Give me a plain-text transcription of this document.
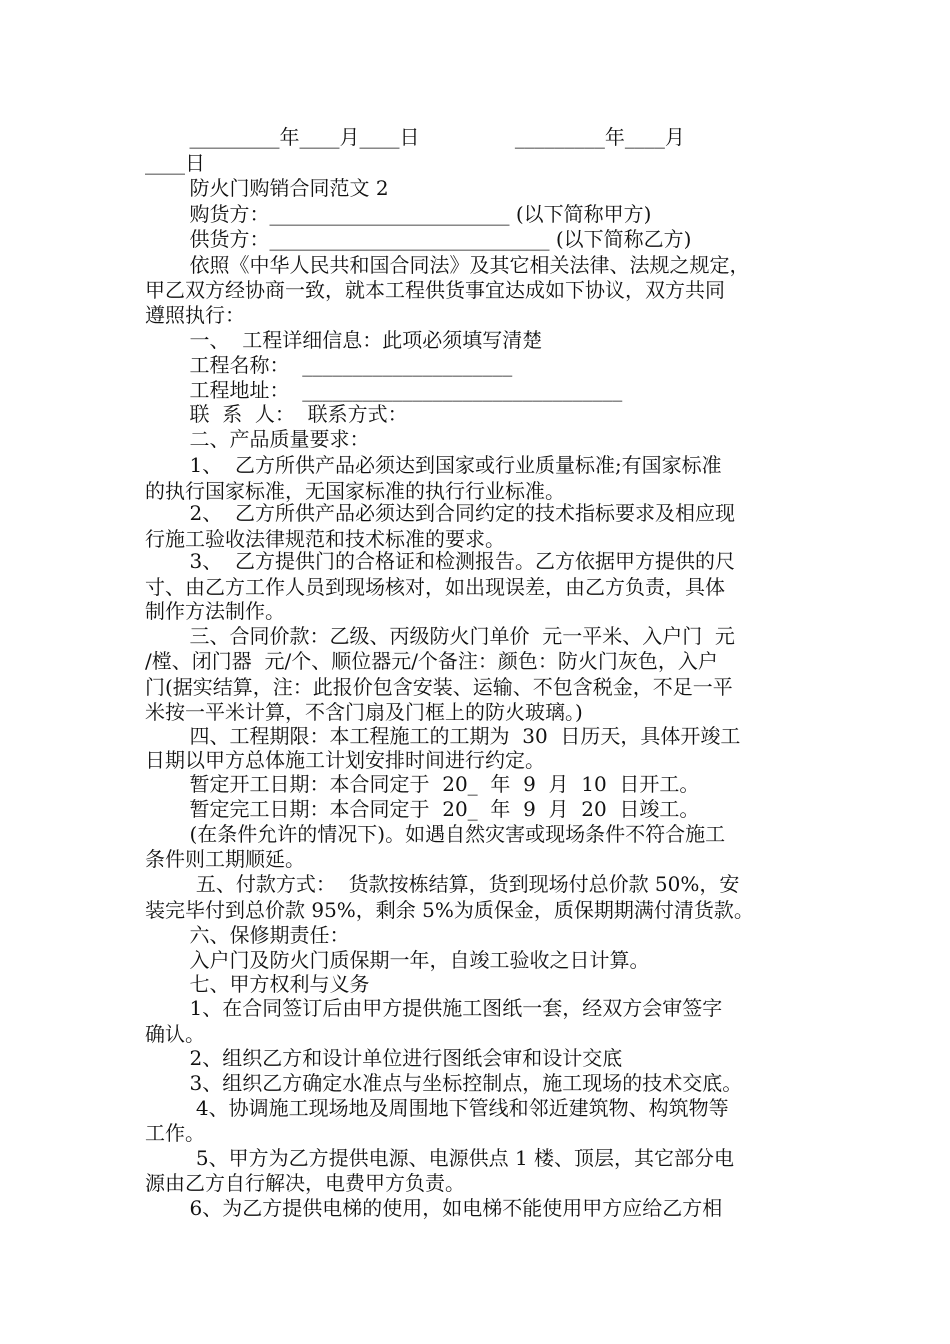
_________年____月____日               _________年____月
____日
防火门购销合同范文 2
购货方：________________________ (以下简称甲方)
供货方：____________________________ (以下简称乙方)
依照《中华人民共和国合同法》及其它相关法律、法规之规定，
甲乙双方经协商一致，就本工程供货事宜达成如下协议，双方共同
遵照执行：
一、  工程详细信息：此项必须填写清楚
工程名称：  _____________________
工程地址：  ________________________________
联  系  人：  联系方式：
二、产品质量要求：
1、  乙方所供产品必须达到国家或行业质量标准;有国家标准
的执行国家标准，无国家标准的执行行业标准。
2、  乙方所供产品必须达到合同约定的技术指标要求及相应现
行施工验收法律规范和技术标准的要求。
3、  乙方提供门的合格证和检测报告。乙方依据甲方提供的尺
寸、由乙方工作人员到现场核对，如出现误差，由乙方负责，具体
制作方法制作。
三、合同价款：乙级、丙级防火门单价  元一平米、入户门  元
/樘、闭门器  元/个、顺位器元/个备注：颜色：防火门灰色，入户
门(据实结算，注：此报价包含安装、运输、不包含税金，不足一平
米按一平米计算，不含门扇及门框上的防火玻璃。)
四、工程期限：本工程施工的工期为  30  日历天，具体开竣工
日期以甲方总体施工计划安排时间进行约定。
暂定开工日期：本合同定于  20_  年  9  月  10  日开工。
暂定完工日期：本合同定于  20_  年  9  月  20  日竣工。
(在条件允许的情况下)。如遇自然灾害或现场条件不符合施工
条件则工期顺延。
五、付款方式：  货款按栋结算，货到现场付总价款 50%，安
装完毕付到总价款 95%，剩余 5%为质保金，质保期期满付清货款。
六、保修期责任：
入户门及防火门质保期一年，自竣工验收之日计算。
七、甲方权利与义务
1、在合同签订后由甲方提供施工图纸一套，经双方会审签字
确认。
2、组织乙方和设计单位进行图纸会审和设计交底
3、组织乙方确定水准点与坐标控制点，施工现场的技术交底。
4、协调施工现场地及周围地下管线和邻近建筑物、构筑物等
工作。
5、甲方为乙方提供电源、电源供点 1 楼、顶层，其它部分电
源由乙方自行解决，电费甲方负责。
6、为乙方提供电梯的使用，如电梯不能使用甲方应给乙方相
